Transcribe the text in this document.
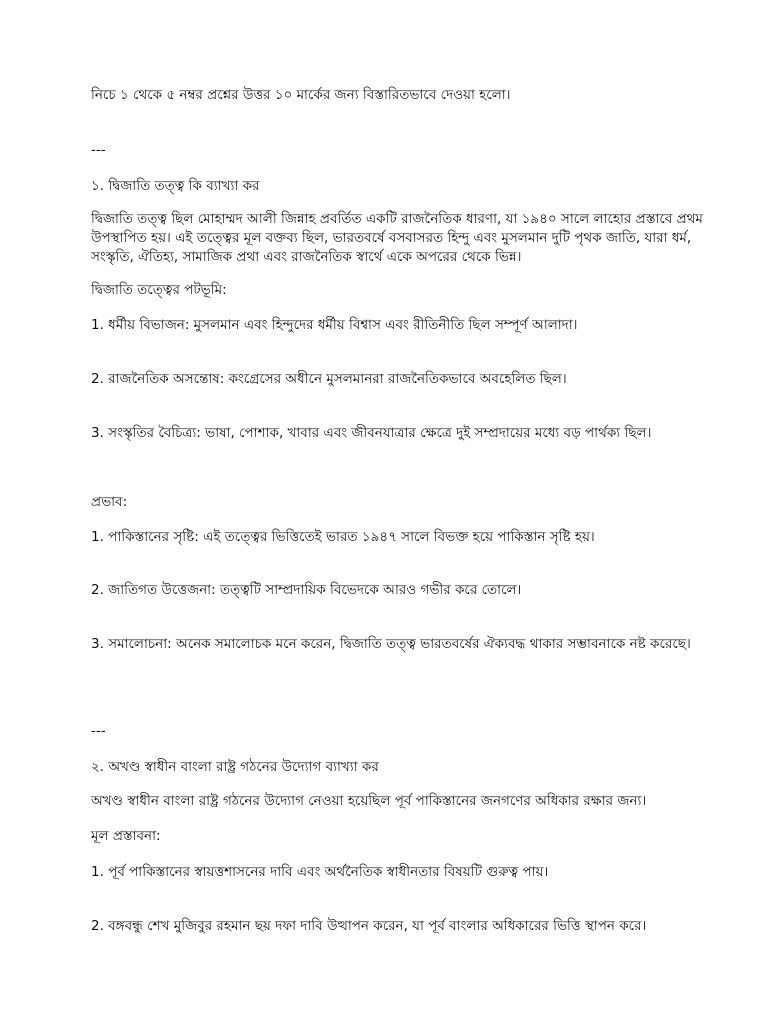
নিচে ১ থেকে ৫ নম্বর প্রশ্নের উত্তর ১০ মার্কের জন্য বিস্তারিতভাবে দেওয়া হলো।
---
১. দ্বিজাতি তত্ত্ব কি ব্যাখ্যা কর
দ্বিজাতি তত্ত্ব ছিল মোহাম্মদ আলী জিন্নাহ প্রবর্তিত একটি রাজনৈতিক ধারণা, যা ১৯৪০ সালে লাহোর প্রস্তাবে প্রথম
উপস্থাপিত হয়। এই তত্ত্বের মূল বক্তব্য ছিল, ভারতবর্ষে বসবাসরত হিন্দু এবং মুসলমান দুটি পৃথক জাতি, যারা ধর্ম,
সংস্কৃতি, ঐতিহ্য, সামাজিক প্রথা এবং রাজনৈতিক স্বার্থে একে অপরের থেকে ভিন্ন।
দ্বিজাতি তত্ত্বের পটভূমি:
1. ধর্মীয় বিভাজন: মুসলমান এবং হিন্দুদের ধর্মীয় বিশ্বাস এবং রীতিনীতি ছিল সম্পূর্ণ আলাদা।
2. রাজনৈতিক অসন্তোষ: কংগ্রেসের অধীনে মুসলমানরা রাজনৈতিকভাবে অবহেলিত ছিল।
3. সংস্কৃতির বৈচিত্র্য: ভাষা, পোশাক, খাবার এবং জীবনযাত্রার ক্ষেত্রে দুই সম্প্রদায়ের মধ্যে বড় পার্থক্য ছিল।
প্রভাব:
1. পাকিস্তানের সৃষ্টি: এই তত্ত্বের ভিত্তিতেই ভারত ১৯৪৭ সালে বিভক্ত হয়ে পাকিস্তান সৃষ্টি হয়।
2. জাতিগত উত্তেজনা: তত্ত্বটি সাম্প্রদায়িক বিভেদকে আরও গভীর করে তোলে।
3. সমালোচনা: অনেক সমালোচক মনে করেন, দ্বিজাতি তত্ত্ব ভারতবর্ষের ঐক্যবদ্ধ থাকার সম্ভাবনাকে নষ্ট করেছে।
---
২. অখণ্ড স্বাধীন বাংলা রাষ্ট্র গঠনের উদ্যোগ ব্যাখ্যা কর
অখণ্ড স্বাধীন বাংলা রাষ্ট্র গঠনের উদ্যোগ নেওয়া হয়েছিল পূর্ব পাকিস্তানের জনগণের অধিকার রক্ষার জন্য।
মূল প্রস্তাবনা:
1. পূর্ব পাকিস্তানের স্বায়ত্তশাসনের দাবি এবং অর্থনৈতিক স্বাধীনতার বিষয়টি গুরুত্ব পায়।
2. বঙ্গবন্ধু শেখ মুজিবুর রহমান ছয় দফা দাবি উত্থাপন করেন, যা পূর্ব বাংলার অধিকারের ভিত্তি স্থাপন করে।
